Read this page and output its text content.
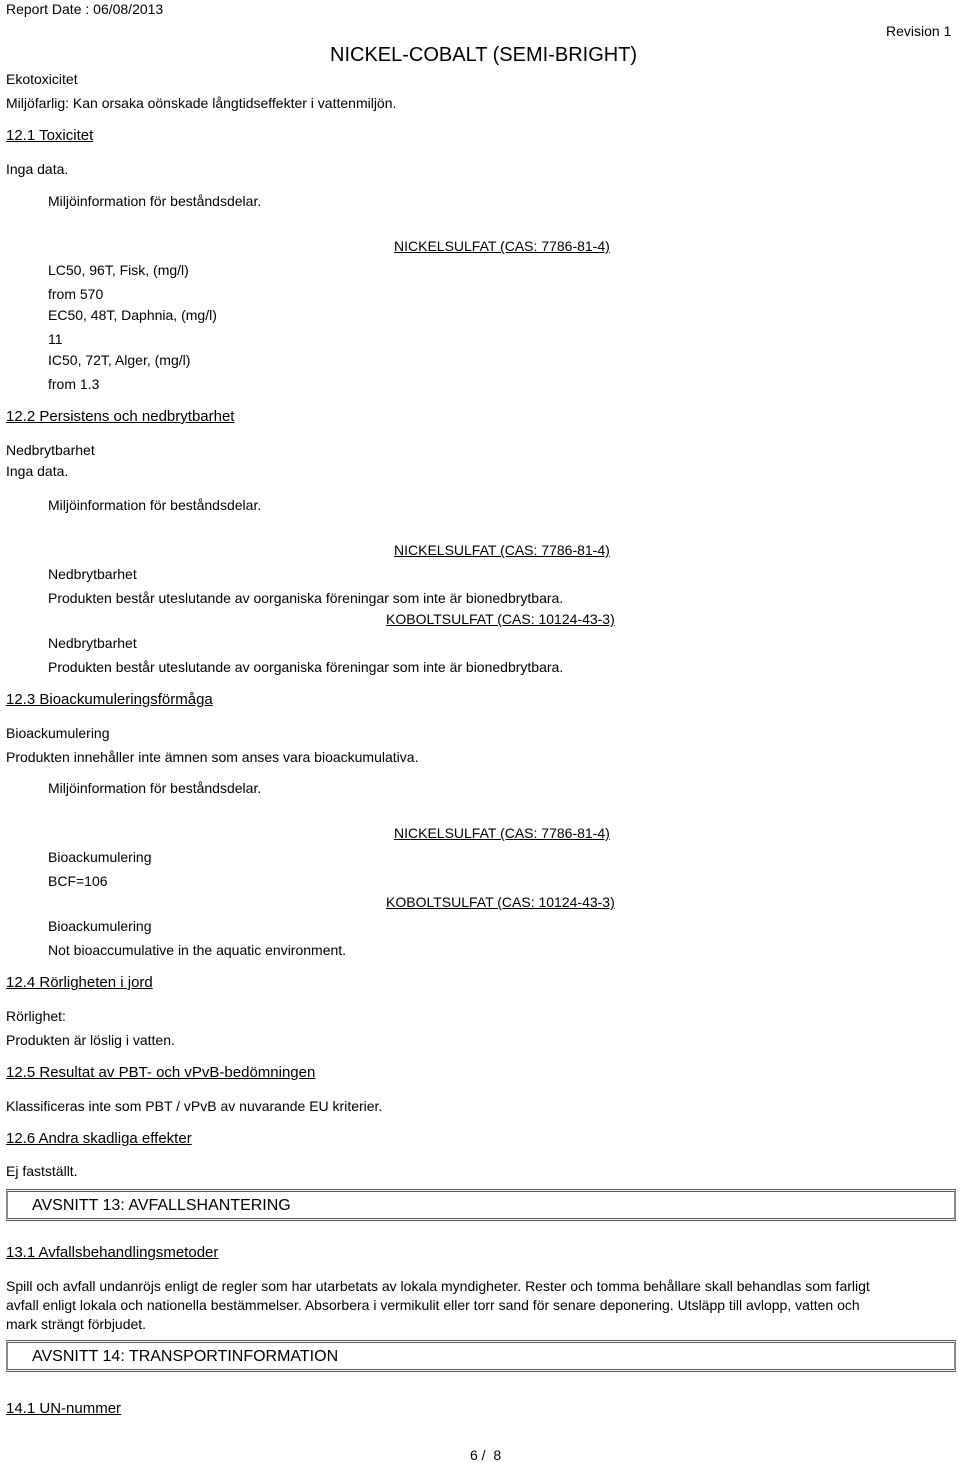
Report Date : 06/08/2013
NICKEL-COBALT (SEMI-BRIGHT)
Revision 1
Ekotoxicitet
Miljöfarlig: Kan orsaka oönskade långtidseffekter i vattenmiljön.
12.1 Toxicitet
Inga data.
Miljöinformation för beståndsdelar.
NICKELSULFAT (CAS: 7786-81-4)
LC50, 96T, Fisk, (mg/l)
from 570
EC50, 48T, Daphnia, (mg/l)
11
IC50, 72T, Alger, (mg/l)
from 1.3
12.2 Persistens och nedbrytbarhet
Nedbrytbarhet
Inga data.
Miljöinformation för beståndsdelar.
NICKELSULFAT (CAS: 7786-81-4)
Nedbrytbarhet
Produkten består uteslutande av oorganiska föreningar som inte är bionedbrytbara.
KOBOLTSULFAT (CAS: 10124-43-3)
Nedbrytbarhet
Produkten består uteslutande av oorganiska föreningar som inte är bionedbrytbara.
12.3 Bioackumuleringsförmåga
Bioackumulering
Produkten innehåller inte ämnen som anses vara bioackumulativa.
Miljöinformation för beståndsdelar.
NICKELSULFAT (CAS: 7786-81-4)
Bioackumulering
BCF=106
KOBOLTSULFAT (CAS: 10124-43-3)
Bioackumulering
Not bioaccumulative in the aquatic environment.
12.4 Rörligheten i jord
Rörlighet:
Produkten är löslig i vatten.
12.5 Resultat av PBT- och vPvB-bedömningen
Klassificeras inte som PBT / vPvB av nuvarande EU kriterier.
12.6 Andra skadliga effekter
Ej fastställt.
AVSNITT 13: AVFALLSHANTERING
13.1 Avfallsbehandlingsmetoder
Spill och avfall undanröjs enligt de regler som har utarbetats av lokala myndigheter. Rester och tomma behållare skall behandlas som farligt avfall enligt lokala och nationella bestämmelser. Absorbera i vermikulit eller torr sand för senare deponering. Utsläpp till avlopp, vatten och mark strängt förbjudet.
AVSNITT 14: TRANSPORTINFORMATION
14.1 UN-nummer
6 /  8
